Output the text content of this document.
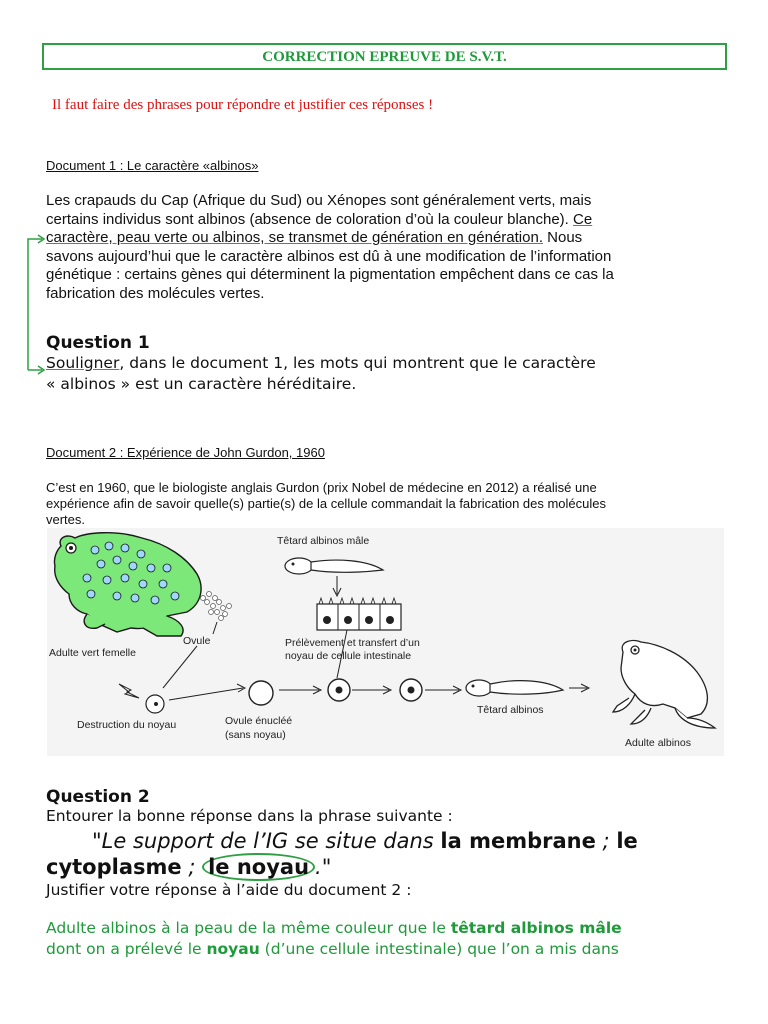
CORRECTION EPREUVE DE S.V.T.
Il faut faire des phrases pour répondre et justifier ces réponses !
Document 1 : Le caractère «albinos»
Les crapauds du Cap (Afrique du Sud) ou Xénopes sont généralement verts, mais
certains individus sont albinos (absence de coloration d’où la couleur blanche). Ce
caractère, peau verte ou albinos, se transmet de génération en génération. Nous
savons aujourd’hui que le caractère albinos est dû à une modification de l’information
génétique : certains gènes qui déterminent la pigmentation empêchent dans ce cas la
fabrication des molécules vertes.
Question 1
Souligner, dans le document 1, les mots qui montrent que le caractère
« albinos » est un caractère héréditaire.
Document 2 : Expérience de John Gurdon, 1960
C’est en 1960, que le biologiste anglais Gurdon (prix Nobel de médecine en 2012) a réalisé une
expérience afin de savoir quelle(s) partie(s) de la cellule commandait la fabrication des molécules
vertes.
Ovule
Adulte vert femelle
Destruction du noyau	Ovule énucléé
(sans noyau)
Têtard albinos mâle
Prélèvement et transfert d’un
noyau de cellule intestinale
Têtard albinos
Adulte albinos
Question 2
Entourer la bonne réponse dans la phrase suivante :
"Le support de l’IG se situe dans la membrane ; le
cytoplasme ; le noyau ."
Justifier votre réponse à l’aide du document 2 :
Adulte albinos à la peau de la même couleur que le têtard albinos mâle
dont on a prélevé le noyau (d’une cellule intestinale) que l’on a mis dans
